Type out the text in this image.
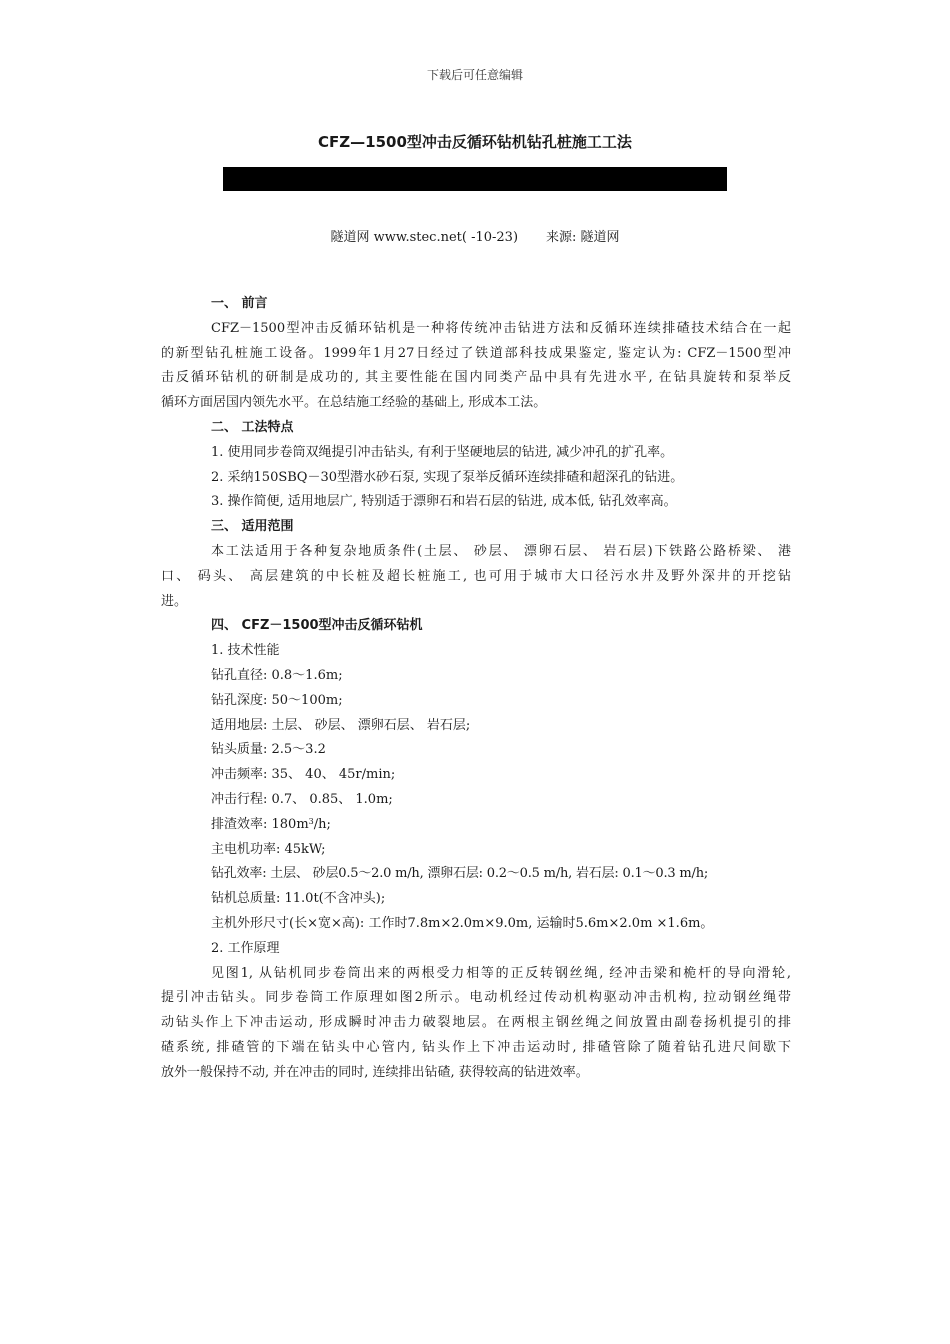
下载后可任意编辑
CFZ—1500型冲击反循环钻机钻孔桩施工工法
隧道网 www.stec.net( -10-23) 来源: 隧道网
一、 前言
CFZ－1500型冲击反循环钻机是一种将传统冲击钻进方法和反循环连续排碴技术结合在一起
的新型钻孔桩施工设备。1999年1月27日经过了铁道部科技成果鉴定, 鉴定认为: CFZ－1500型冲
击反循环钻机的研制是成功的, 其主要性能在国内同类产品中具有先进水平, 在钻具旋转和泵举反
循环方面居国内领先水平。在总结施工经验的基础上, 形成本工法。
二、 工法特点
1. 使用同步卷筒双绳提引冲击钻头, 有利于坚硬地层的钻进, 减少冲孔的扩孔率。
2. 采纳150SBQ－30型潜水砂石泵, 实现了泵举反循环连续排碴和超深孔的钻进。
3. 操作简便, 适用地层广, 特别适于漂卵石和岩石层的钻进, 成本低, 钻孔效率高。
三、 适用范围
本工法适用于各种复杂地质条件(土层、 砂层、 漂卵石层、 岩石层)下铁路公路桥梁、 港
口、 码头、 高层建筑的中长桩及超长桩施工, 也可用于城市大口径污水井及野外深井的开挖钻
进。
四、 CFZ－1500型冲击反循环钻机
1. 技术性能
钻孔直径: 0.8～1.6m;
钻孔深度: 50～100m;
适用地层: 土层、 砂层、 漂卵石层、 岩石层;
钻头质量: 2.5～3.2
冲击频率: 35、 40、 45r/min;
冲击行程: 0.7、 0.85、 1.0m;
排渣效率: $180m^3/h$;
主电机功率: 45kW;
钻孔效率: 土层、 砂层0.5～2.0 m/h, 漂卵石层: 0.2～0.5 m/h, 岩石层: 0.1～0.3 m/h;
钻机总质量: 11.0t(不含冲头);
主机外形尺寸(长×宽×高): 工作时7.8m×2.0m×9.0m, 运输时5.6m×2.0m ×1.6m。
2. 工作原理
见图1, 从钻机同步卷筒出来的两根受力相等的正反转钢丝绳, 经冲击梁和桅杆的导向滑轮,
提引冲击钻头。同步卷筒工作原理如图2所示。电动机经过传动机构驱动冲击机构, 拉动钢丝绳带
动钻头作上下冲击运动, 形成瞬时冲击力破裂地层。在两根主钢丝绳之间放置由副卷扬机提引的排
碴系统, 排碴管的下端在钻头中心管内, 钻头作上下冲击运动时, 排碴管除了随着钻孔进尺间歇下
放外一般保持不动, 并在冲击的同时, 连续排出钻碴, 获得较高的钻进效率。
